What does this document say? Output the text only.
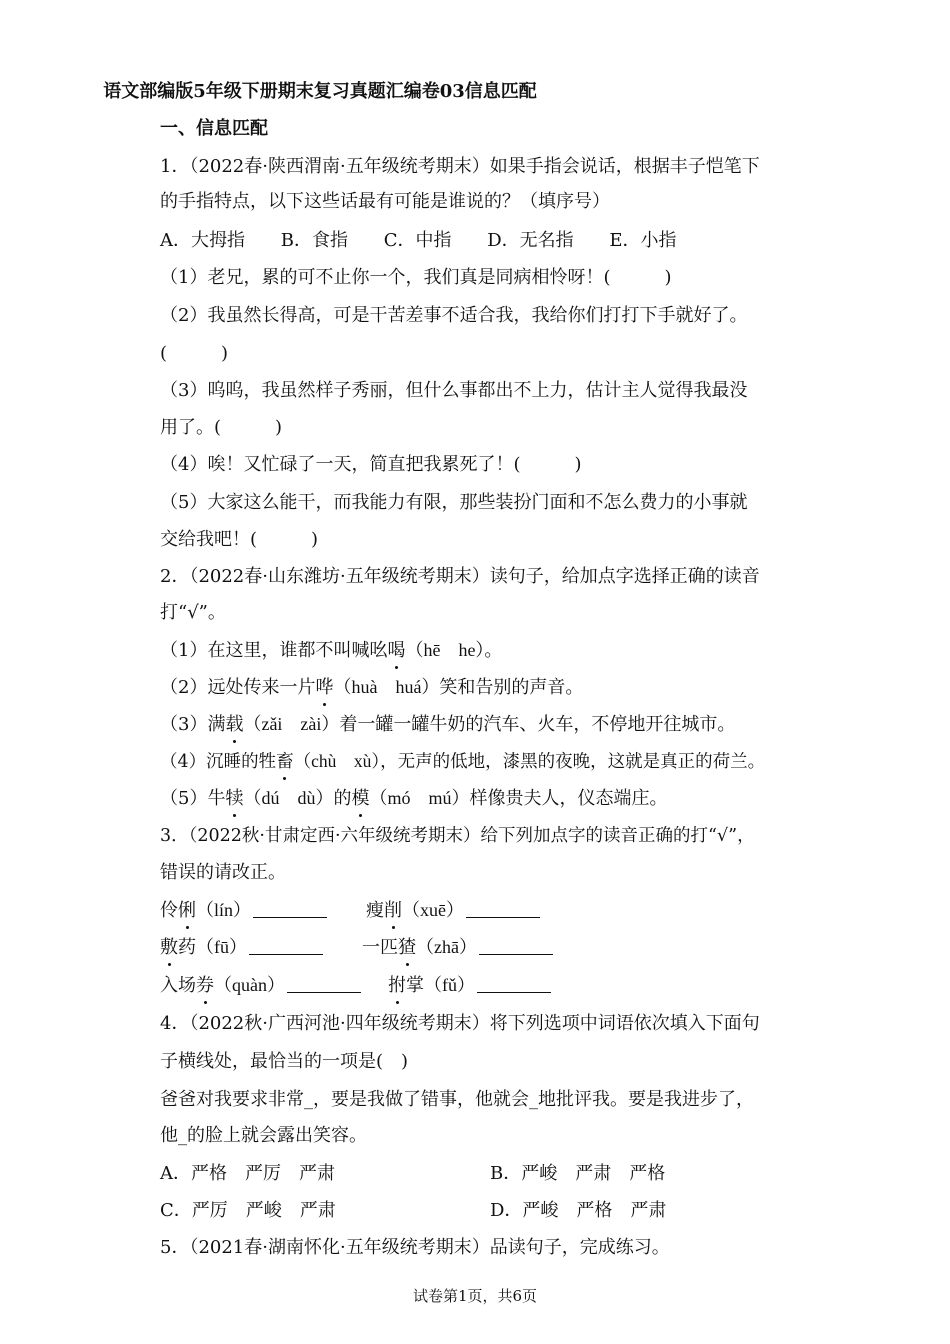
语文部编版5年级下册期末复习真题汇编卷03信息匹配
一、信息匹配
1．（2022春·陕西渭南·五年级统考期末）如果手指会说话，根据丰子恺笔下
的手指特点，以下这些话最有可能是谁说的？（填序号）
A．大拇指 B．食指 C．中指 D．无名指 E．小指
（1）老兄，累的可不止你一个，我们真是同病相怜呀！(　　　)
（2）我虽然长得高，可是干苦差事不适合我，我给你们打打下手就好了。
(　　　)
（3）呜呜，我虽然样子秀丽，但什么事都出不上力，估计主人觉得我最没
用了。(　　　)
（4）唉！又忙碌了一天，简直把我累死了！(　　　)
（5）大家这么能干，而我能力有限，那些装扮门面和不怎么费力的小事就
交给我吧！(　　　)
2．（2022春·山东潍坊·五年级统考期末）读句子，给加点字选择正确的读音
打“√”。
（1）在这里，谁都不叫喊吆喝（hē　he）。
（2）远处传来一片哗（huà　huá）笑和告别的声音。
（3）满载（zǎi　zài）着一罐一罐牛奶的汽车、火车，不停地开往城市。
（4）沉睡的牲畜（chù　xù），无声的低地，漆黑的夜晚，这就是真正的荷兰。
（5）牛犊（dú　dù）的模（mó　mú）样像贵夫人，仪态端庄。
3．（2022秋·甘肃定西·六年级统考期末）给下列加点字的读音正确的打“√”，
错误的请改正。
伶俐（lín）	瘦削（xuē）
敷药（fū）	一匹猹（zhā）
入场券（quàn）	拊掌（fǔ）
4．（2022秋·广西河池·四年级统考期末）将下列选项中词语依次填入下面句
子横线处，最恰当的一项是(　)
爸爸对我要求非常_，要是我做了错事，他就会_地批评我。要是我进步了，
他_的脸上就会露出笑容。
A．严格　严厉　严肃	B．严峻　严肃　严格
C．严厉　严峻　严肃	D．严峻　严格　严肃
5．（2021春·湖南怀化·五年级统考期末）品读句子，完成练习。
试卷第1页，共6页
